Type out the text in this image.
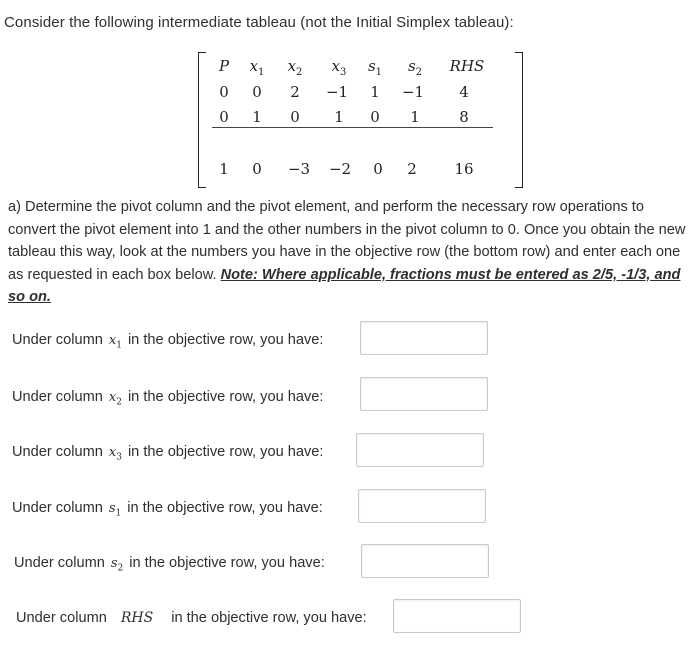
Consider the following intermediate tableau (not the Initial Simplex tableau):
P	$x_1$	$x_2$	$x_3$	$s_1$	$s_2$	RHS
0	0	2	−1	1	−1	4
0	1	0	1	0	1	8
1	0	−3	−2	0	2	16
a) Determine the pivot column and the pivot element, and perform the necessary row operations to convert the pivot element into 1 and the other numbers in the pivot column to 0. Once you obtain the new tableau this way, look at the numbers you have in the objective row (the bottom row) and enter each one as requested in each box below. Note: Where applicable, fractions must be entered as 2/5, -1/3, and so on.
Under column $x_1$ in the objective row, you have:
Under column $x_2$ in the objective row, you have:
Under column $x_3$ in the objective row, you have:
Under column $s_1$ in the objective row, you have:
Under column $s_2$ in the objective row, you have:
Under column RHS in the objective row, you have:
